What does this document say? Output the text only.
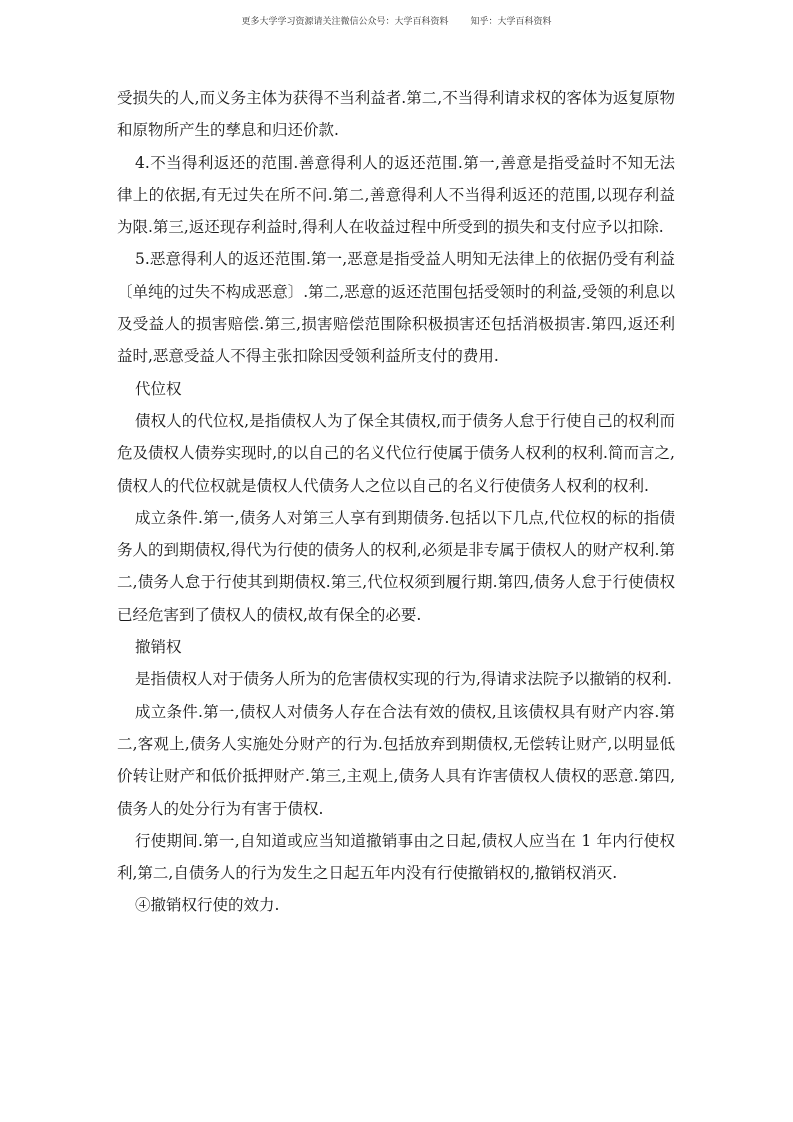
更多大学学习资源请关注微信公众号：大学百科资料 知乎：大学百科资料

受损失的人,而义务主体为获得不当利益者.第二,不当得利请求权的客体为返复原物和原物所产生的孳息和归还价款.

4.不当得利返还的范围.善意得利人的返还范围.第一,善意是指受益时不知无法律上的依据,有无过失在所不问.第二,善意得利人不当得利返还的范围,以现存利益为限.第三,返还现存利益时,得利人在收益过程中所受到的损失和支付应予以扣除.

5.恶意得利人的返还范围.第一,恶意是指受益人明知无法律上的依据仍受有利益〔单纯的过失不构成恶意〕.第二,恶意的返还范围包括受领时的利益,受领的利息以及受益人的损害赔偿.第三,损害赔偿范围除积极损害还包括消极损害.第四,返还利益时,恶意受益人不得主张扣除因受领利益所支付的费用.

代位权

债权人的代位权,是指债权人为了保全其债权,而于债务人怠于行使自己的权利而危及债权人债券实现时,的以自己的名义代位行使属于债务人权利的权利.简而言之,债权人的代位权就是债权人代债务人之位以自己的名义行使债务人权利的权利.

成立条件.第一,债务人对第三人享有到期债务.包括以下几点,代位权的标的指债务人的到期债权,得代为行使的债务人的权利,必须是非专属于债权人的财产权利.第二,债务人怠于行使其到期债权.第三,代位权须到履行期.第四,债务人怠于行使债权已经危害到了债权人的债权,故有保全的必要.

撤销权

是指债权人对于债务人所为的危害债权实现的行为,得请求法院予以撤销的权利.

成立条件.第一,债权人对债务人存在合法有效的债权,且该债权具有财产内容.第二,客观上,债务人实施处分财产的行为.包括放弃到期债权,无偿转让财产,以明显低价转让财产和低价抵押财产.第三,主观上,债务人具有诈害债权人债权的恶意.第四,债务人的处分行为有害于债权.

行使期间.第一,自知道或应当知道撤销事由之日起,债权人应当在 1 年内行使权利,第二,自债务人的行为发生之日起五年内没有行使撤销权的,撤销权消灭.

④撤销权行使的效力.
